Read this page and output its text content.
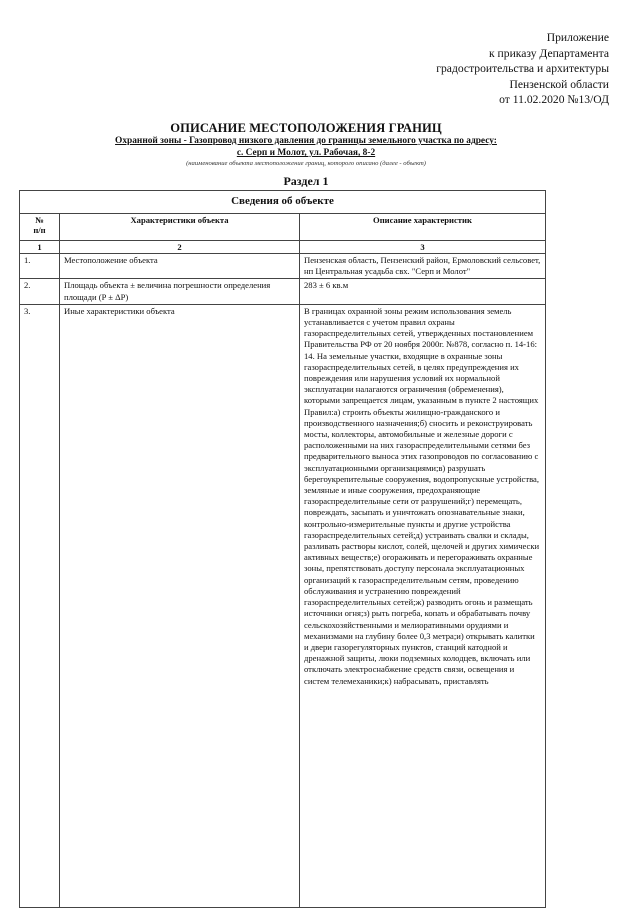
Приложение
к приказу Департамента
градостроительства и архитектуры
Пензенской области
от 11.02.2020 №13/ОД
ОПИСАНИЕ МЕСТОПОЛОЖЕНИЯ ГРАНИЦ
Охранной зоны - Газопровод низкого давления до границы земельного участка по адресу:
с. Серп и Молот, ул. Рабочая, 8-2
(наименование объекта местоположение границ, которого описано (далее - объект)
Раздел 1
Сведения об объекте		
№
п/п	Характеристики объекта	Описание характеристик
1	2	3
1.	Местоположение объекта	Пензенская область, Пензенский район, Ермоловский сельсовет, нп Центральная усадьба свх. "Серп и Молот"
2.	Площадь объекта ± величина погрешности определения площади (P ± ΔP)	283 ± 6 кв.м
3.	Иные характеристики объекта	В границах охранной зоны режим использования земель устанавливается с учетом правил охраны газораспределительных сетей, утвержденных постановлением Правительства РФ от 20 ноября 2000г. №878, согласно п. 14-16: 14. На земельные участки, входящие в охранные зоны газораспределительных сетей, в целях предупреждения их повреждения или нарушения условий их нормальной эксплуатации налагаются ограничения (обременения), которыми запрещается лицам, указанным в пункте 2 настоящих Правил:а) строить объекты жилищно-гражданского и производственного назначения;б) сносить и реконструировать мосты, коллекторы, автомобильные и железные дороги с расположенными на них газораспределительными сетями без предварительного выноса этих газопроводов по согласованию с эксплуатационными организациями;в) разрушать берегоукрепительные сооружения, водопропускные устройства, земляные и иные сооружения, предохраняющие газораспределительные сети от разрушений;г) перемещать, повреждать, засыпать и уничтожать опознавательные знаки, контрольно-измерительные пункты и другие устройства газораспределительных сетей;д) устраивать свалки и склады, разливать растворы кислот, солей, щелочей и других химически активных веществ;е) огораживать и перегораживать охранные зоны, препятствовать доступу персонала эксплуатационных организаций к газораспределительным сетям, проведению обслуживания и устранению повреждений газораспределительных сетей;ж) разводить огонь и размещать источники огня;з) рыть погреба, копать и обрабатывать почву сельскохозяйственными и мелиоративными орудиями и механизмами на глубину более 0,3 метра;и) открывать калитки и двери газорегуляторных пунктов, станций катодной и дренажной защиты, люки подземных колодцев, включать или отключать электроснабжение средств связи, освещения и систем телемеханики;к) набрасывать, приставлять
